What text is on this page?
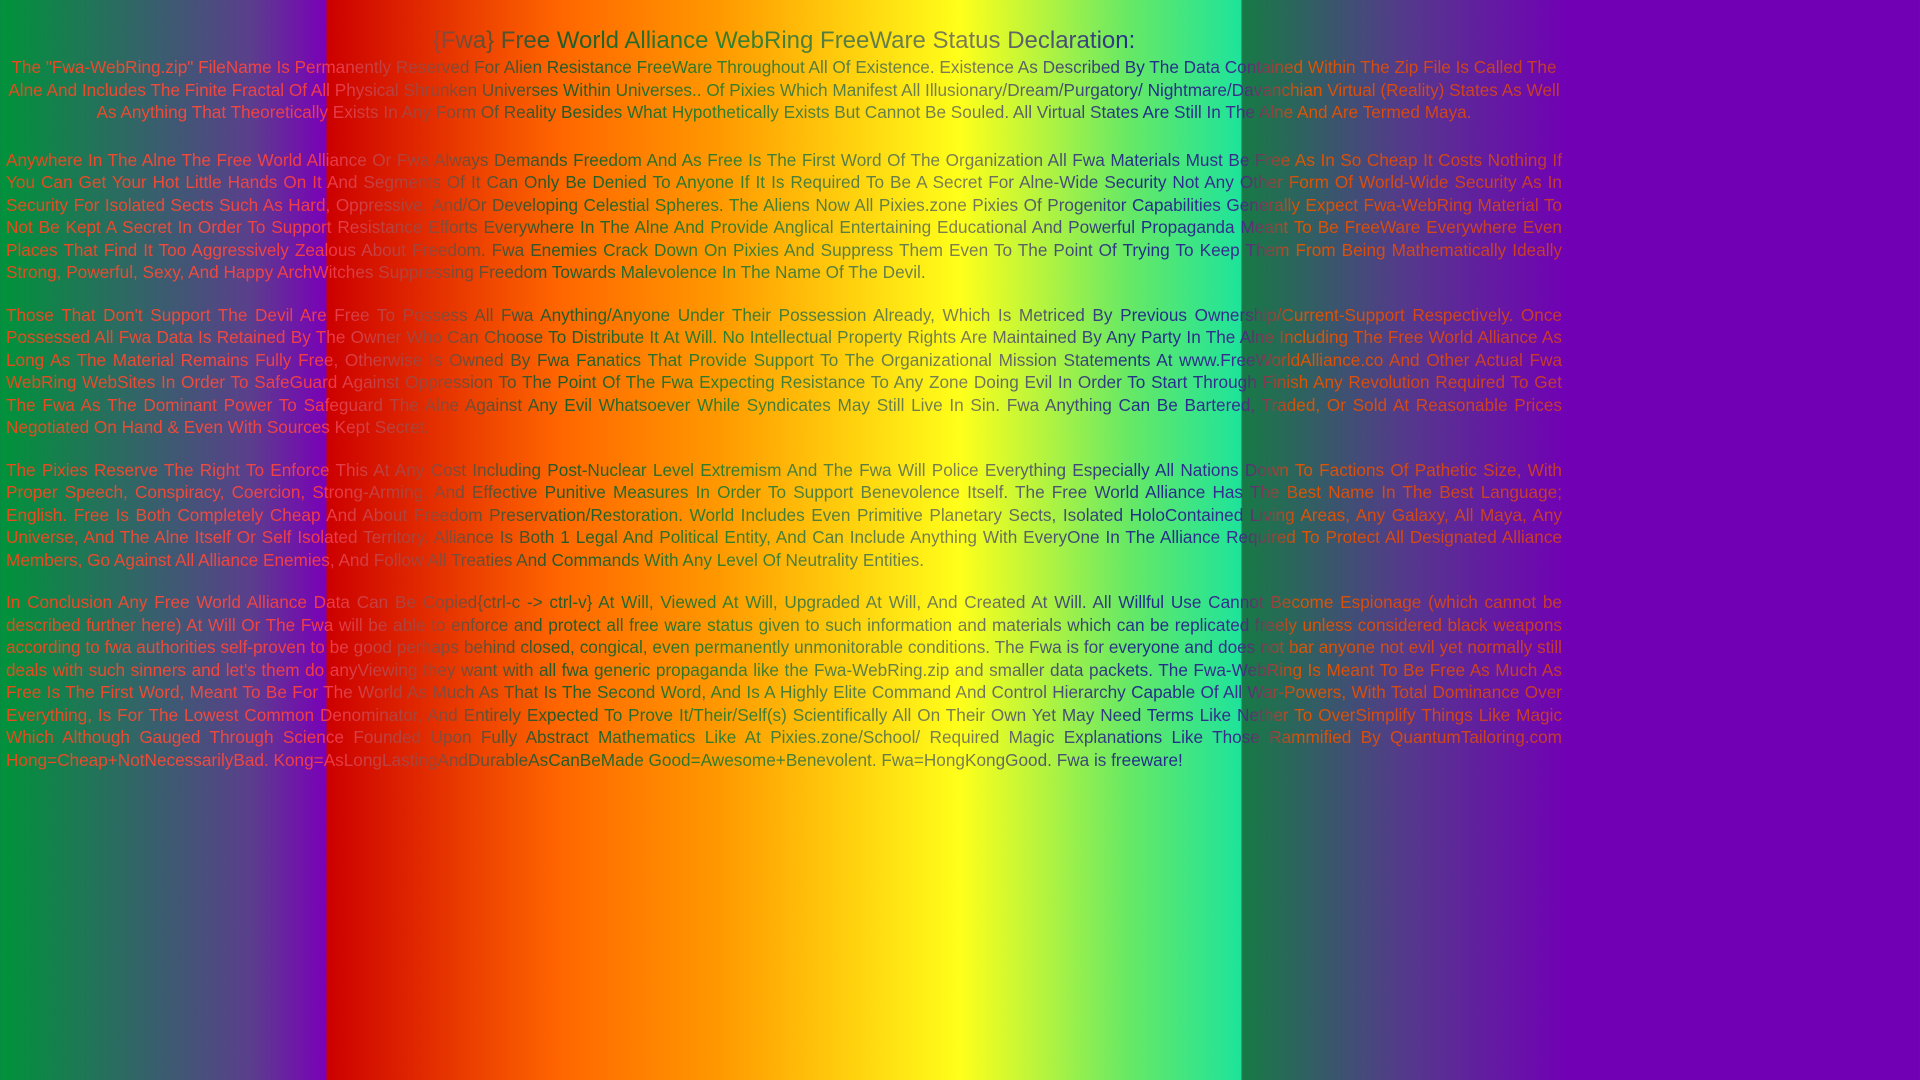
{Fwa} Free World Alliance WebRing FreeWare Status Declaration:

The "Fwa-WebRing.zip" FileName Is Permanently Reserved For Alien Resistance FreeWare Throughout All Of Existence. Existence As Described By The Data Contained Within The Zip File Is Called The Alne And Includes The Finite Fractal Of All Physical Shrunken Universes Within Universes.. Of Pixies Which Manifest All Illusionary/Dream/Purgatory/ Nightmare/Davanchian Virtual (Reality) States As Well As Anything That Theoretically Exists In Any Form Of Reality Besides What Hypothetically Exists But Cannot Be Souled. All Virtual States Are Still In The Alne And Are Termed Maya.

Anywhere In The Alne The Free World Alliance Or Fwa Always Demands Freedom And As Free Is The First Word Of The Organization All Fwa Materials Must Be Free As In So Cheap It Costs Nothing If You Can Get Your Hot Little Hands On It And Segments Of It Can Only Be Denied To Anyone If It Is Required To Be A Secret For Alne-Wide Security Not Any Other Form Of World-Wide Security As In Security For Isolated Sects Such As Hard, Oppressive, And/Or Developing Celestial Spheres. The Aliens Now All Pixies.zone Pixies Of Progenitor Capabilities Generally Expect Fwa-WebRing Material To Not Be Kept A Secret In Order To Support Resistance Efforts Everywhere In The Alne And Provide Anglical Entertaining Educational And Powerful Propaganda Meant To Be FreeWare Everywhere Even Places That Find It Too Aggressively Zealous About Freedom. Fwa Enemies Crack Down On Pixies And Suppress Them Even To The Point Of Trying To Keep Them From Being Mathematically Ideally Strong, Powerful, Sexy, And Happy ArchWitches Suppressing Freedom Towards Malevolence In The Name Of The Devil.

Those That Don't Support The Devil Are Free To Possess All Fwa Anything/Anyone Under Their Possession Already, Which Is Metriced By Previous Ownership/Current-Support Respectively. Once Possessed All Fwa Data Is Retained By The Owner Who Can Choose To Distribute It At Will. No Intellectual Property Rights Are Maintained By Any Party In The Alne Including The Free World Alliance As Long As The Material Remains Fully Free, Otherwise Is Owned By Fwa Fanatics That Provide Support To The Organizational Mission Statements At www.FreeWorldAlliance.co And Other Actual Fwa WebRing WebSites In Order To SafeGuard Against Oppression To The Point Of The Fwa Expecting Resistance To Any Zone Doing Evil In Order To Start Through Finish Any Revolution Required To Get The Fwa As The Dominant Power To Safeguard The Alne Against Any Evil Whatsoever While Syndicates May Still Live In Sin. Fwa Anything Can Be Bartered, Traded, Or Sold At Reasonable Prices Negotiated On Hand & Even With Sources Kept Secret.

The Pixies Reserve The Right To Enforce This At Any Cost Including Post-Nuclear Level Extremism And The Fwa Will Police Everything Especially All Nations Down To Factions Of Pathetic Size, With Proper Speech, Conspiracy, Coercion, Strong-Arming, And Effective Punitive Measures In Order To Support Benevolence Itself. The Free World Alliance Has The Best Name In The Best Language; English. Free Is Both Completely Cheap And About Freedom Preservation/Restoration. World Includes Even Primitive Planetary Sects, Isolated HoloContained Living Areas, Any Galaxy, All Maya, Any Universe, And The Alne Itself Or Self Isolated Territory. Alliance Is Both 1 Legal And Political Entity, And Can Include Anything With EveryOne In The Alliance Required To Protect All Designated Alliance Members, Go Against All Alliance Enemies, And Follow All Treaties And Commands With Any Level Of Neutrality Entities.

In Conclusion Any Free World Alliance Data Can Be Copied{ctrl-c -> ctrl-v} At Will, Viewed At Will, Upgraded At Will, And Created At Will. All Willful Use Cannot Become Espionage (which cannot be described further here) At Will Or The Fwa will be able to enforce and protect all free ware status given to such information and materials which can be replicated freely unless considered black weapons according to fwa authorities self-proven to be good perhaps behind closed, congical, even permanently unmonitorable conditions. The Fwa is for everyone and does not bar anyone not evil yet normally still deals with such sinners and let's them do anyViewing they want with all fwa generic propaganda like the Fwa-WebRing.zip and smaller data packets. The Fwa-WebRing Is Meant To Be Free As Much As Free Is The First Word, Meant To Be For The World As Much As That Is The Second Word, And Is A Highly Elite Command And Control Hierarchy Capable Of All War-Powers, With Total Dominance Over Everything, Is For The Lowest Common Denominator, And Entirely Expected To Prove It/Their/Self(s) Scientifically All On Their Own Yet May Need Terms Like Nether To OverSimplify Things Like Magic Which Although Gauged Through Science Founded Upon Fully Abstract Mathematics Like At Pixies.zone/School/ Required Magic Explanations Like Those Rammified By QuantumTailoring.com Hong=Cheap+NotNecessarilyBad. Kong=AsLongLastingAndDurableAsCanBeMade Good=Awesome+Benevolent. Fwa=HongKongGood. Fwa is freeware!
